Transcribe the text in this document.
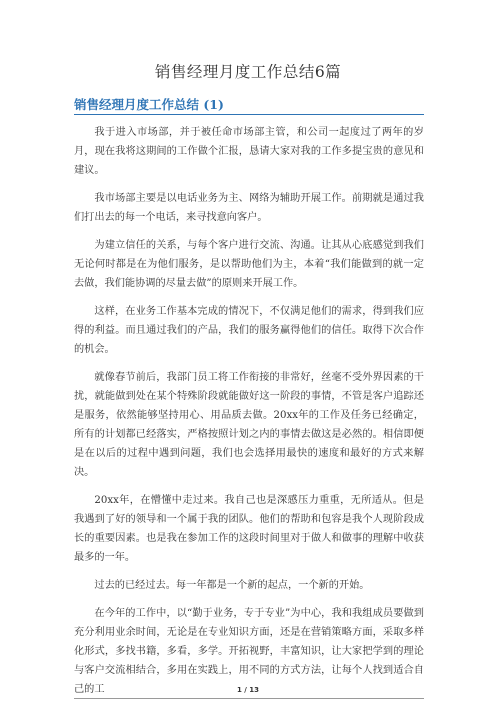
销售经理月度工作总结6篇
销售经理月度工作总结 (1)

我于进入市场部，并于被任命市场部主管，和公司一起度过了两年的岁月，现在我将这期间的工作做个汇报，恳请大家对我的工作多提宝贵的意见和建议。

我市场部主要是以电话业务为主、网络为辅助开展工作。前期就是通过我们打出去的每一个电话，来寻找意向客户。

为建立信任的关系，与每个客户进行交流、沟通。让其从心底感觉到我们无论何时都是在为他们服务，是以帮助他们为主，本着“我们能做到的就一定去做，我们能协调的尽量去做”的原则来开展工作。

这样，在业务工作基本完成的情况下，不仅满足他们的需求，得到我们应得的利益。而且通过我们的产品，我们的服务赢得他们的信任。取得下次合作的机会。

就像春节前后，我部门员工将工作衔接的非常好，丝毫不受外界因素的干扰，就能做到处在某个特殊阶段就能做好这一阶段的事情，不管是客户追踪还是服务，依然能够坚持用心、用品质去做。20xx年的工作及任务已经确定，所有的计划都已经落实，严格按照计划之内的事情去做这是必然的。相信即便是在以后的过程中遇到问题，我们也会选择用最快的速度和最好的方式来解决。

20xx年，在懵懂中走过来。我自己也是深感压力重重，无所适从。但是我遇到了好的领导和一个属于我的团队。他们的帮助和包容是我个人现阶段成长的重要因素。也是我在参加工作的这段时间里对于做人和做事的理解中收获最多的一年。

过去的已经过去。每一年都是一个新的起点，一个新的开始。

在今年的工作中，以“勤于业务，专于专业”为中心，我和我组成员要做到充分利用业余时间，无论是在专业知识方面，还是在营销策略方面，采取多样化形式，多找书籍，多看，多学。开拓视野，丰富知识，让大家把学到的理论与客户交流相结合，多用在实践上，用不同的方式方法，让每个人找到适合自己的工	1 / 13
